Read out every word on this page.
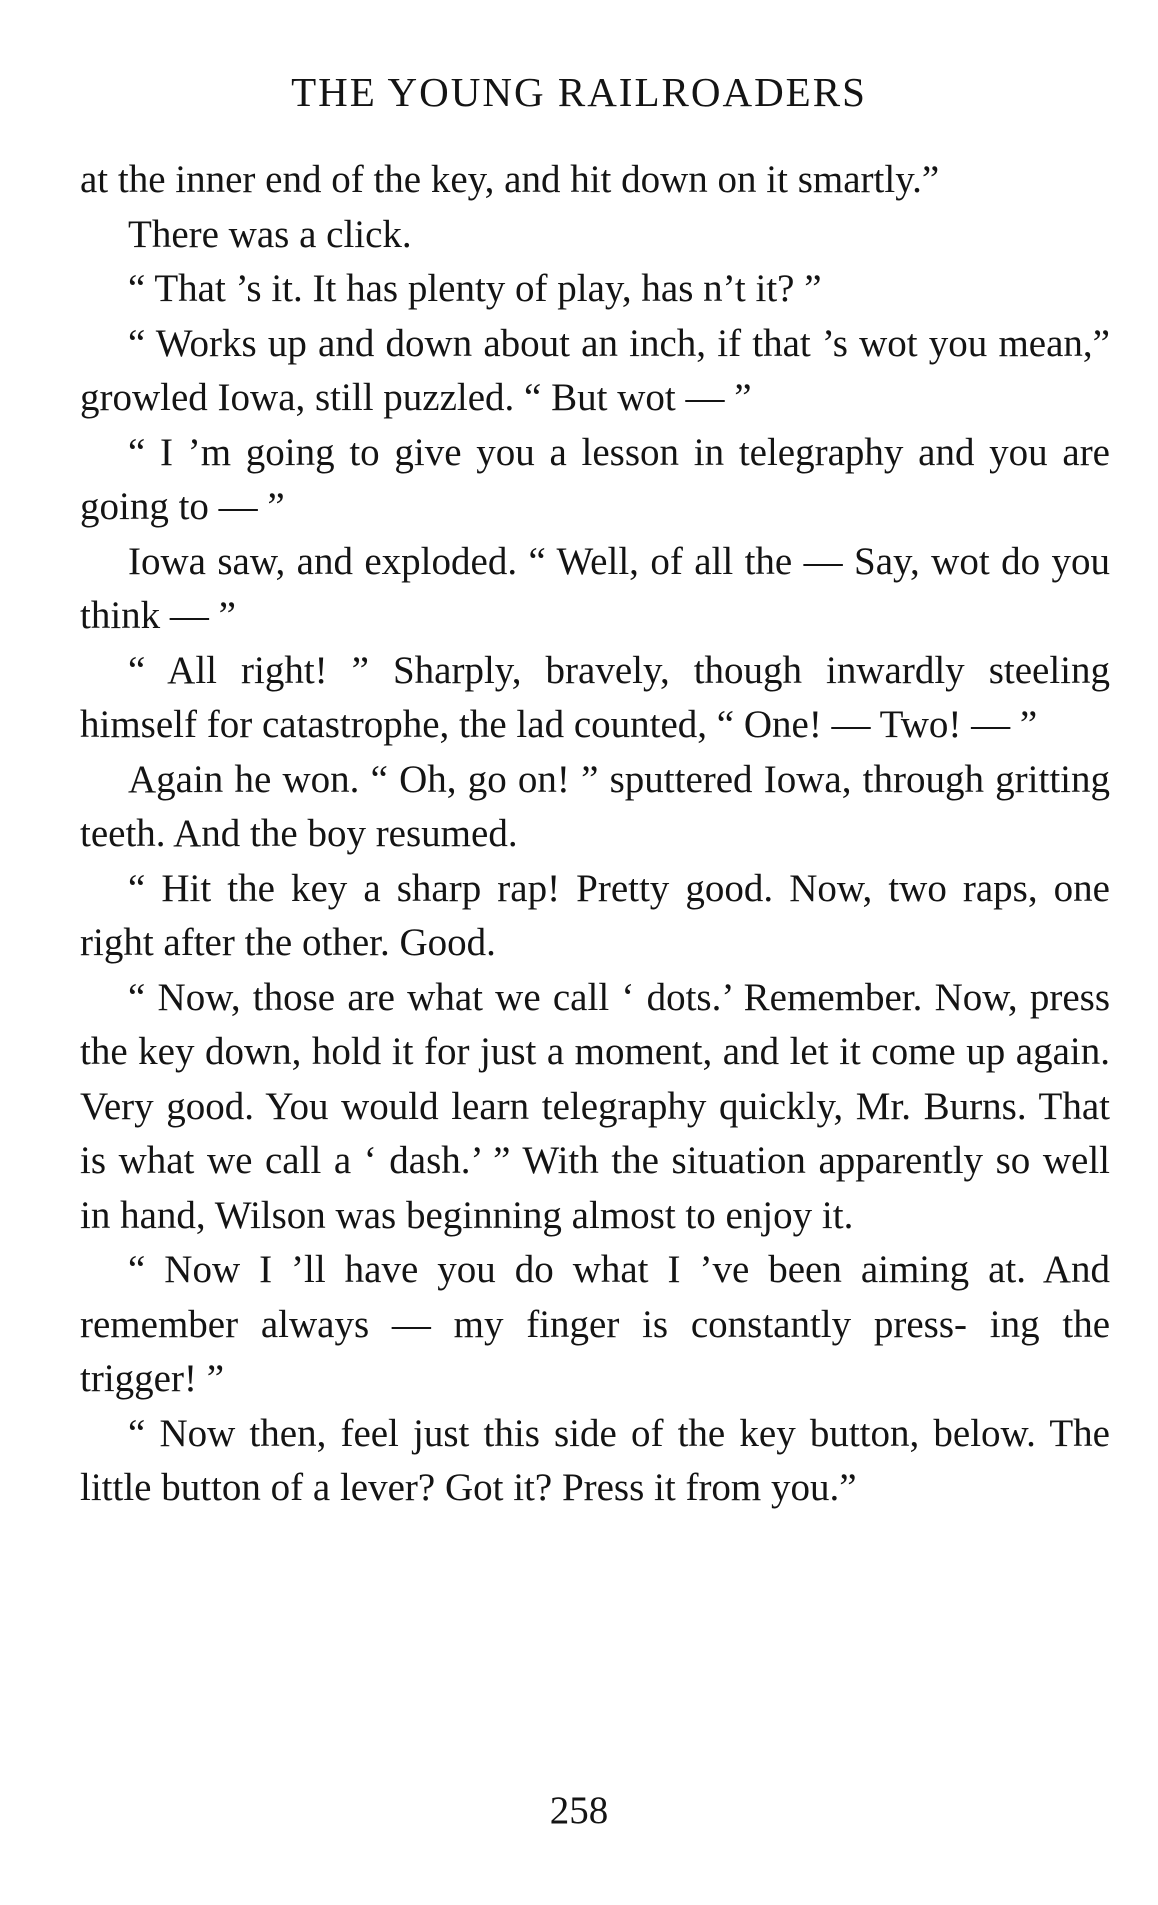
THE YOUNG RAILROADERS

at the inner end of the key, and hit down on it smartly.”

There was a click.

“ That ’s it. It has plenty of play, has n’t it? ”

“ Works up and down about an inch, if that ’s wot you mean,” growled Iowa, still puzzled. “ But wot — ”

“ I ’m going to give you a lesson in telegraphy and you are going to — ”

Iowa saw, and exploded. “ Well, of all the — Say, wot do you think — ”

“ All right! ” Sharply, bravely, though inwardly steeling himself for catastrophe, the lad counted, “ One! — Two! — ”

Again he won. “ Oh, go on! ” sputtered Iowa, through gritting teeth. And the boy resumed.

“ Hit the key a sharp rap! Pretty good. Now, two raps, one right after the other. Good.

“ Now, those are what we call ‘ dots.’ Remember. Now, press the key down, hold it for just a moment, and let it come up again. Very good. You would learn telegraphy quickly, Mr. Burns. That is what we call a ‘ dash.’ ” With the situation apparently so well in hand, Wilson was beginning almost to enjoy it.

“ Now I ’ll have you do what I ’ve been aiming at. And remember always — my finger is constantly press- ing the trigger! ”

“ Now then, feel just this side of the key button, below. The little button of a lever? Got it? Press it from you.”

258
